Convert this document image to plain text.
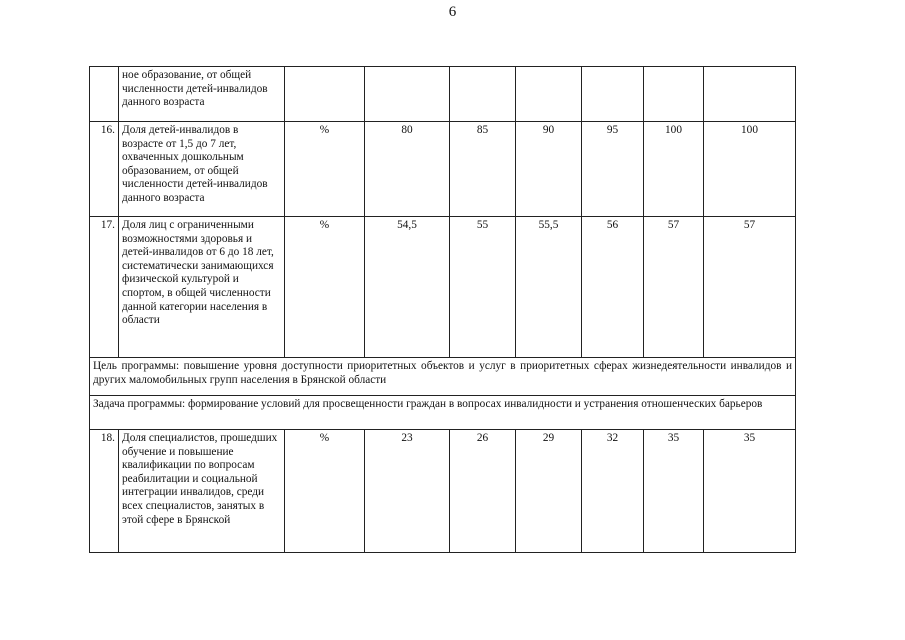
6
	ное образование, от общей численности детей-инвалидов данного возраста							
16.	Доля детей-инвалидов в возрасте от 1,5 до 7 лет, охваченных дошкольным образованием, от общей численности детей-инвалидов данного возраста	%	80	85	90	95	100	100
17.	Доля лиц с ограниченными возможностями здоровья и детей-инвалидов от 6 до 18 лет, систематически занимающихся физической культурой и спортом, в общей численности данной категории населения в области	%	54,5	55	55,5	56	57	57
Цель программы: повышение уровня доступности приоритетных объектов и услуг в приоритетных сферах жизнедеятельности инвалидов и других маломобильных групп населения в Брянской области								
Задача программы: формирование условий для просвещенности граждан в вопросах инвалидности и устранения отношенческих барьеров								
18.	Доля специалистов, прошедших обучение и повышение квалификации по вопросам реабилитации и социальной интеграции инвалидов, среди всех специалистов, занятых в этой сфере в Брянской	%	23	26	29	32	35	35
